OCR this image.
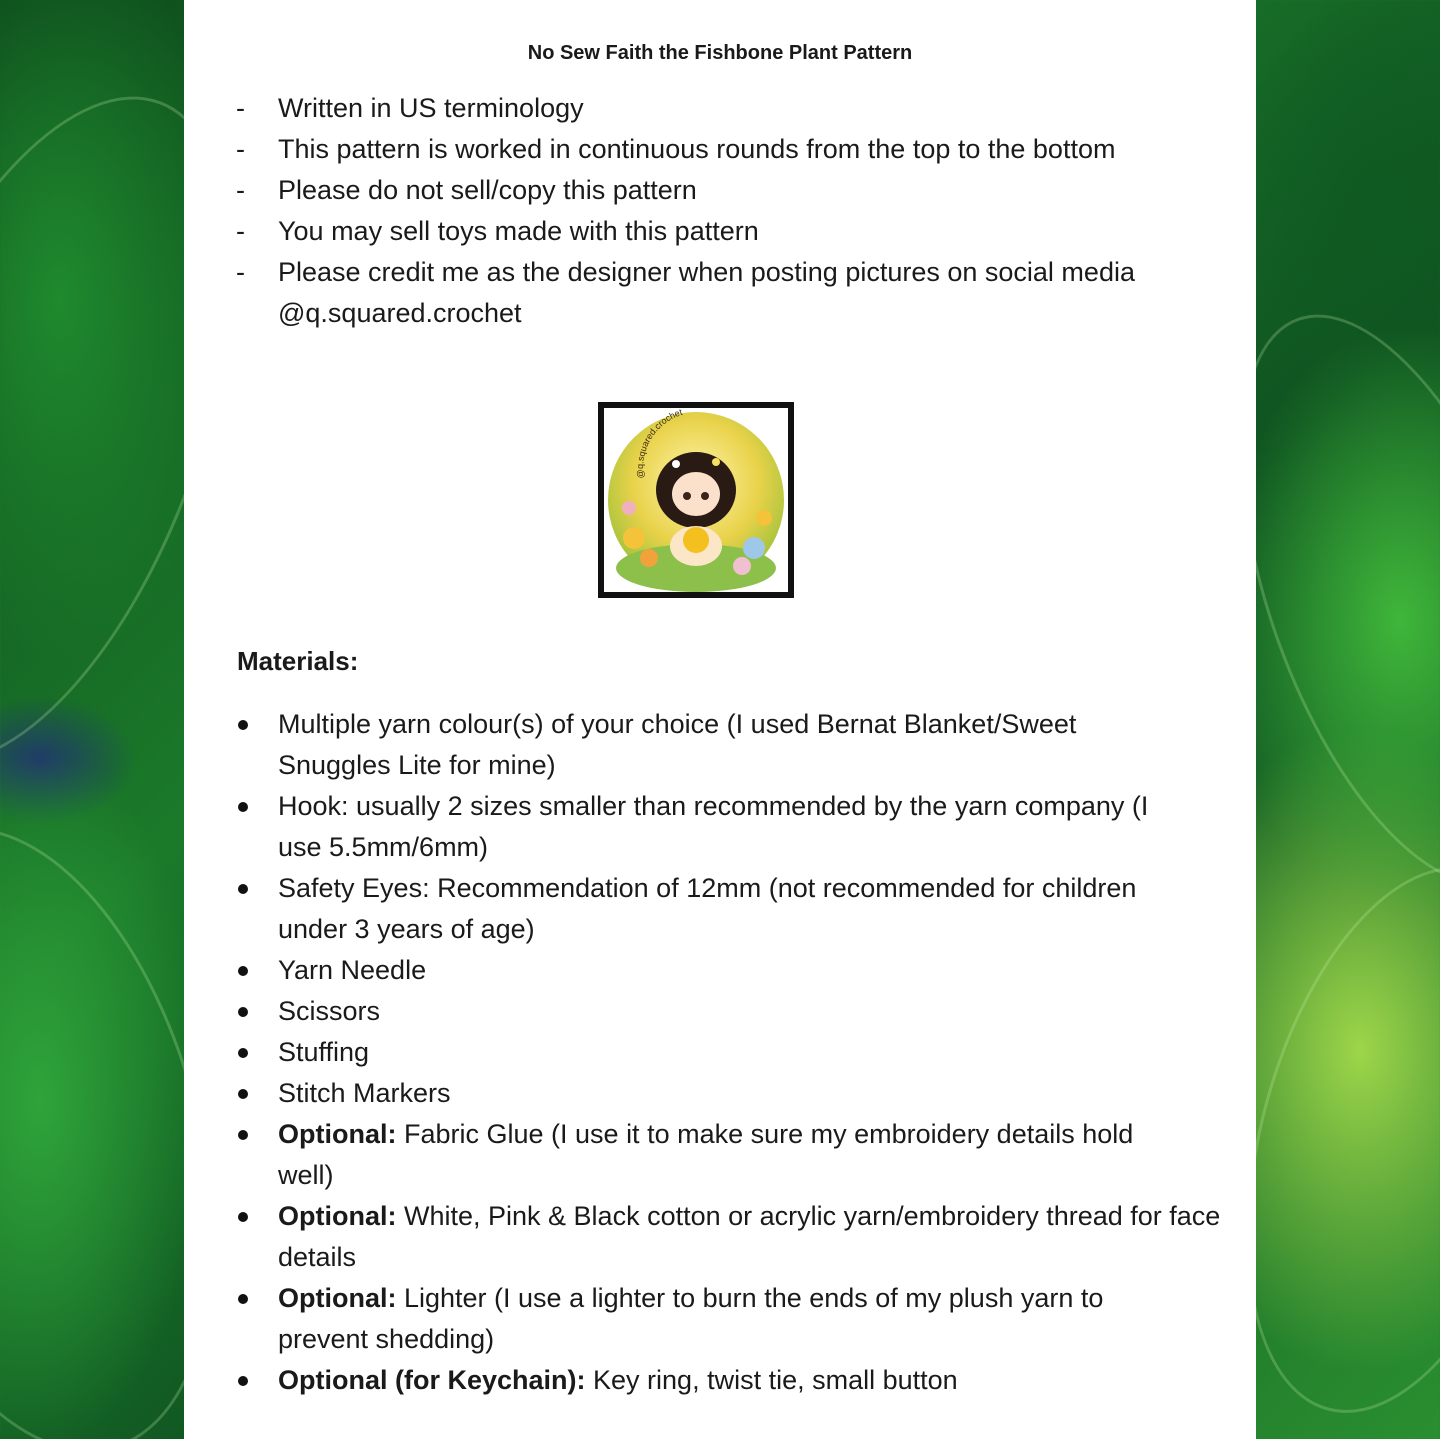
No Sew Faith the Fishbone Plant Pattern
- Written in US terminology
- This pattern is worked in continuous rounds from the top to the bottom
- Please do not sell/copy this pattern
- You may sell toys made with this pattern
- Please credit me as the designer when posting pictures on social media @q.squared.crochet
@q.squared.crochet
Materials:
Multiple yarn colour(s) of your choice (I used Bernat Blanket/Sweet Snuggles Lite for mine)
Hook: usually 2 sizes smaller than recommended by the yarn company (I use 5.5mm/6mm)
Safety Eyes: Recommendation of 12mm (not recommended for children under 3 years of age)
Yarn Needle
Scissors
Stuffing
Stitch Markers
Optional: Fabric Glue (I use it to make sure my embroidery details hold well)
Optional: White, Pink & Black cotton or acrylic yarn/embroidery thread for face details
Optional: Lighter (I use a lighter to burn the ends of my plush yarn to prevent shedding)
Optional (for Keychain): Key ring, twist tie, small button
